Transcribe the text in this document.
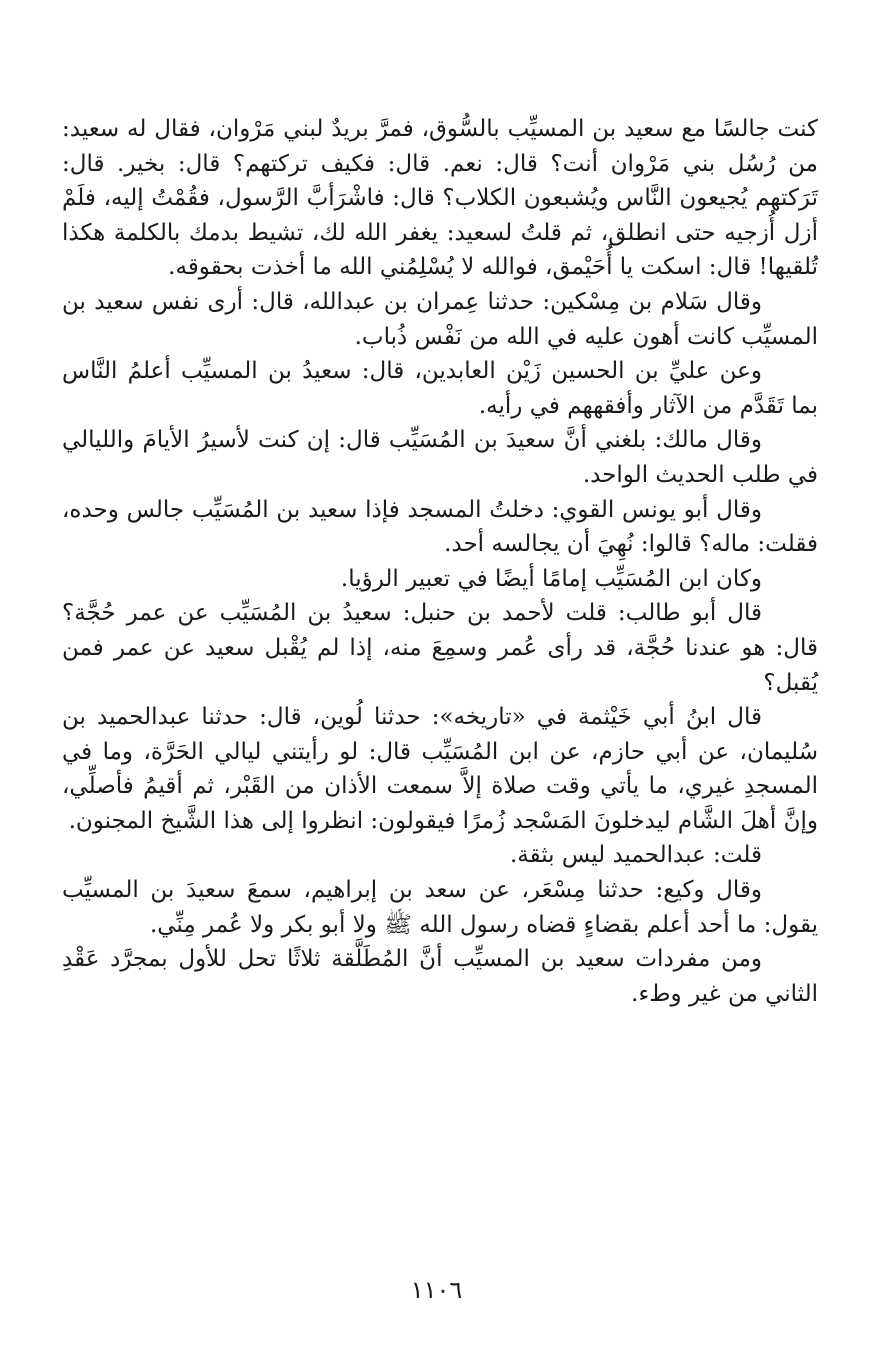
كنت جالسًا مع سعيد بن المسيِّب بالسُّوق، فمرَّ بريدٌ لبني مَرْوان، فقال له سعيد: من رُسُل بني مَرْوان أنت؟ قال: نعم. قال: فكيف تركتهم؟ قال: بخير. قال: تَرَكتهم يُجيعون النَّاس ويُشبعون الكلاب؟ قال: فاشْرَأبَّ الرَّسول، فقُمْتُ إليه، فلَمْ أزل أُزجيه حتى انطلق، ثم قلتُ لسعيد: يغفر الله لك، تشيط بدمك بالكلمة هكذا تُلقيها! قال: اسكت يا أُحَيْمق، فوالله لا يُسْلِمُني الله ما أخذت بحقوقه.

وقال سَلام بن مِسْكين: حدثنا عِمران بن عبدالله، قال: أرى نفس سعيد بن المسيِّب كانت أهون عليه في الله من نَفْس ذُباب.

وعن عليِّ بن الحسين زَيْن العابدين، قال: سعيدُ بن المسيِّب أعلمُ النَّاس بما تَقَدَّم من الآثار وأفقههم في رأيه.

وقال مالك: بلغني أنَّ سعيدَ بن المُسَيِّب قال: إن كنت لأسيرُ الأيامَ والليالي في طلب الحديث الواحد.

وقال أبو يونس القوي: دخلتُ المسجد فإذا سعيد بن المُسَيِّب جالس وحده، فقلت: ماله؟ قالوا: نُهِيَ أن يجالسه أحد.

وكان ابن المُسَيِّب إمامًا أيضًا في تعبير الرؤيا.

قال أبو طالب: قلت لأحمد بن حنبل: سعيدُ بن المُسَيِّب عن عمر حُجَّة؟ قال: هو عندنا حُجَّة، قد رأى عُمر وسمِعَ منه، إذا لم يُقْبل سعيد عن عمر فمن يُقبل؟

قال ابنُ أبي خَيْثمة في «تاريخه»: حدثنا لُوين، قال: حدثنا عبدالحميد بن سُليمان، عن أبي حازم، عن ابن المُسَيِّب قال: لو رأيتني ليالي الحَرَّة، وما في المسجدِ غيري، ما يأتي وقت صلاة إلاَّ سمعت الأذان من القَبْر، ثم أقيمُ فأصلِّي، وإنَّ أهلَ الشَّام ليدخلونَ المَسْجد زُمرًا فيقولون: انظروا إلى هذا الشَّيخ المجنون.

قلت: عبدالحميد ليس بثقة.

وقال وكيع: حدثنا مِسْعَر، عن سعد بن إبراهيم، سمعَ سعيدَ بن المسيِّب يقول: ما أحد أعلم بقضاءٍ قضاه رسول الله ﷺ ولا أبو بكر ولا عُمر مِنِّي.

ومن مفردات سعيد بن المسيِّب أنَّ المُطَلَّقة ثلاثًا تحل للأول بمجرَّد عَقْدِ الثاني من غير وطء.

١١٠٦
